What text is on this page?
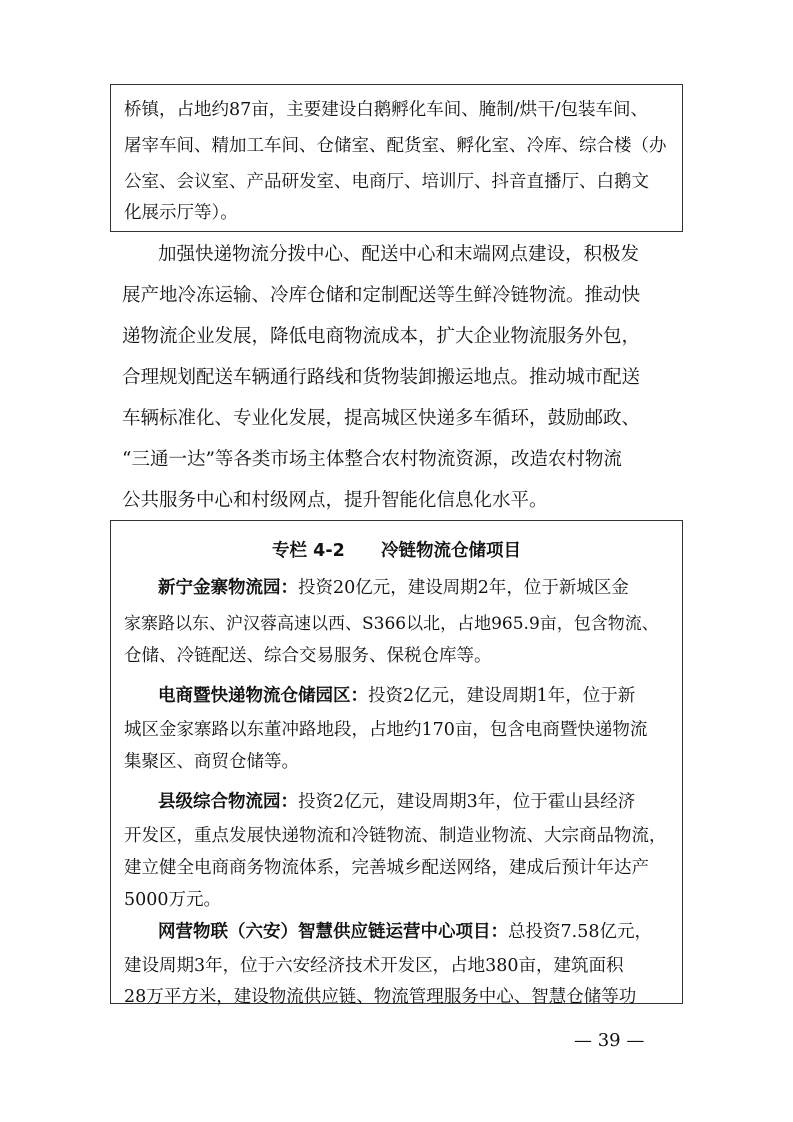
桥镇，占地约87亩，主要建设白鹅孵化车间、腌制/烘干/包装车间、
屠宰车间、精加工车间、仓储室、配货室、孵化室、冷库、综合楼（办
公室、会议室、产品研发室、电商厅、培训厅、抖音直播厅、白鹅文
化展示厅等）。
加强快递物流分拨中心、配送中心和末端网点建设，积极发
展产地冷冻运输、冷库仓储和定制配送等生鲜冷链物流。推动快
递物流企业发展，降低电商物流成本，扩大企业物流服务外包，
合理规划配送车辆通行路线和货物装卸搬运地点。推动城市配送
车辆标准化、专业化发展，提高城区快递多车循环，鼓励邮政、
“三通一达”等各类市场主体整合农村物流资源，改造农村物流
公共服务中心和村级网点，提升智能化信息化水平。
专栏 4-2 冷链物流仓储项目
新宁金寨物流园：投资20亿元，建设周期2年，位于新城区金
家寨路以东、沪汉蓉高速以西、S366以北，占地965.9亩，包含物流、
仓储、冷链配送、综合交易服务、保税仓库等。
电商暨快递物流仓储园区：投资2亿元，建设周期1年，位于新
城区金家寨路以东董冲路地段，占地约170亩，包含电商暨快递物流
集聚区、商贸仓储等。
县级综合物流园：投资2亿元，建设周期3年，位于霍山县经济
开发区，重点发展快递物流和冷链物流、制造业物流、大宗商品物流，
建立健全电商商务物流体系，完善城乡配送网络，建成后预计年达产
5000万元。
网营物联（六安）智慧供应链运营中心项目：总投资7.58亿元，
建设周期3年，位于六安经济技术开发区，占地380亩，建筑面积
28万平方米，建设物流供应链、物流管理服务中心、智慧仓储等功
— 39 —
